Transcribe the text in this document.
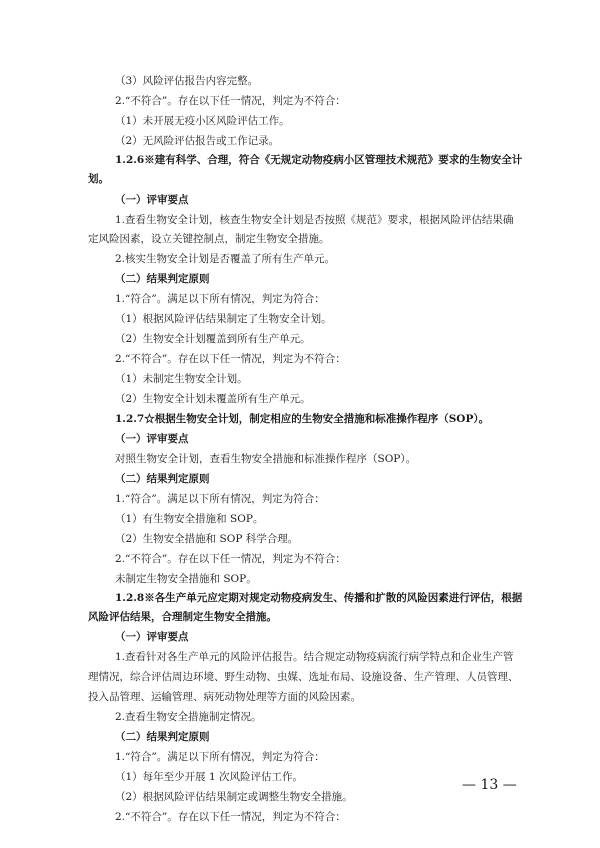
（3）风险评估报告内容完整。
2.“不符合”。存在以下任一情况，判定为不符合：
（1）未开展无疫小区风险评估工作。
（2）无风险评估报告或工作记录。
1.2.6※建有科学、合理，符合《无规定动物疫病小区管理技术规范》要求的生物安全计
划。
（一）评审要点
1.查看生物安全计划，核查生物安全计划是否按照《规范》要求，根据风险评估结果确
定风险因素，设立关键控制点，制定生物安全措施。
2.核实生物安全计划是否覆盖了所有生产单元。
（二）结果判定原则
1.“符合”。满足以下所有情况，判定为符合：
（1）根据风险评估结果制定了生物安全计划。
（2）生物安全计划覆盖到所有生产单元。
2.“不符合”。存在以下任一情况，判定为不符合：
（1）未制定生物安全计划。
（2）生物安全计划未覆盖所有生产单元。
1.2.7☆根据生物安全计划，制定相应的生物安全措施和标准操作程序（SOP）。
（一）评审要点
对照生物安全计划，查看生物安全措施和标准操作程序（SOP）。
（二）结果判定原则
1.“符合”。满足以下所有情况，判定为符合：
（1）有生物安全措施和 SOP。
（2）生物安全措施和 SOP 科学合理。
2.“不符合”。存在以下任一情况，判定为不符合：
未制定生物安全措施和 SOP。
1.2.8※各生产单元应定期对规定动物疫病发生、传播和扩散的风险因素进行评估，根据
风险评估结果，合理制定生物安全措施。
（一）评审要点
1.查看针对各生产单元的风险评估报告。结合规定动物疫病流行病学特点和企业生产管
理情况，综合评估周边环境、野生动物、虫媒、选址布局、设施设备、生产管理、人员管理、
投入品管理、运输管理、病死动物处理等方面的风险因素。
2.查看生物安全措施制定情况。
（二）结果判定原则
1.“符合”。满足以下所有情况，判定为符合：
（1）每年至少开展 1 次风险评估工作。
（2）根据风险评估结果制定或调整生物安全措施。
2.“不符合”。存在以下任一情况，判定为不符合：
— 13 —
